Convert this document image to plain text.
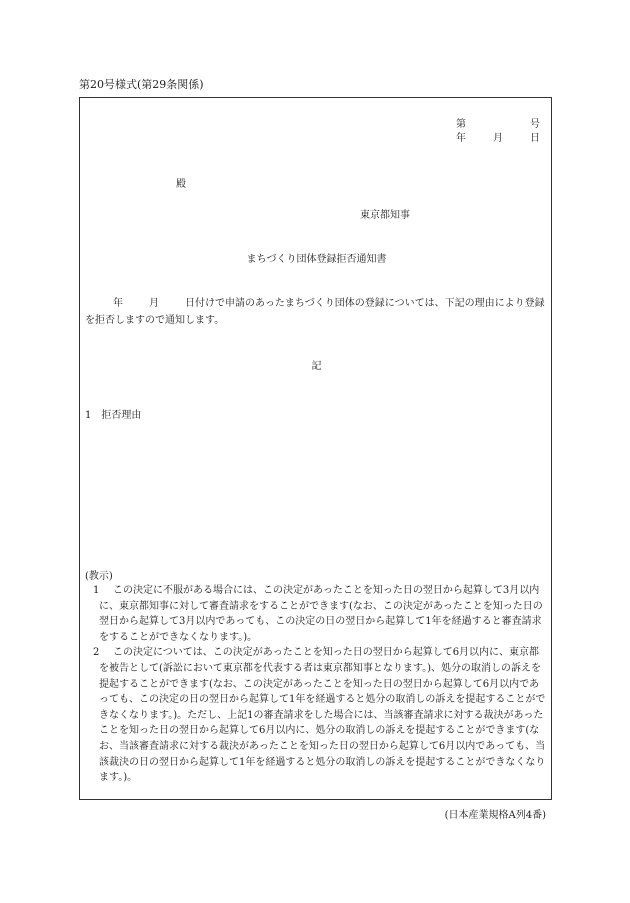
第20号様式(第29条関係)
第	号
年	月	日
殿
東京都知事
まちづくり団体登録拒否通知書
年	月	日付けで申請のあったまちづくり団体の登録については、下記の理由により登録を拒否しますので通知します。
記
1　拒否理由
(教示)
1 この決定に不服がある場合には、この決定があったことを知った日の翌日から起算して3月以内に、東京都知事に対して審査請求をすることができます(なお、この決定があったことを知った日の翌日から起算して3月以内であっても、この決定の日の翌日から起算して1年を経過すると審査請求をすることができなくなります。)。
2 この決定については、この決定があったことを知った日の翌日から起算して6月以内に、東京都を被告として(訴訟において東京都を代表する者は東京都知事となります。)、処分の取消しの訴えを提起することができます(なお、この決定があったことを知った日の翌日から起算して6月以内であっても、この決定の日の翌日から起算して1年を経過すると処分の取消しの訴えを提起することができなくなります。)。ただし、上記1の審査請求をした場合には、当該審査請求に対する裁決があったことを知った日の翌日から起算して6月以内に、処分の取消しの訴えを提起することができます(なお、当該審査請求に対する裁決があったことを知った日の翌日から起算して6月以内であっても、当該裁決の日の翌日から起算して1年を経過すると処分の取消しの訴えを提起することができなくなります。)。
(日本産業規格A列4番)
